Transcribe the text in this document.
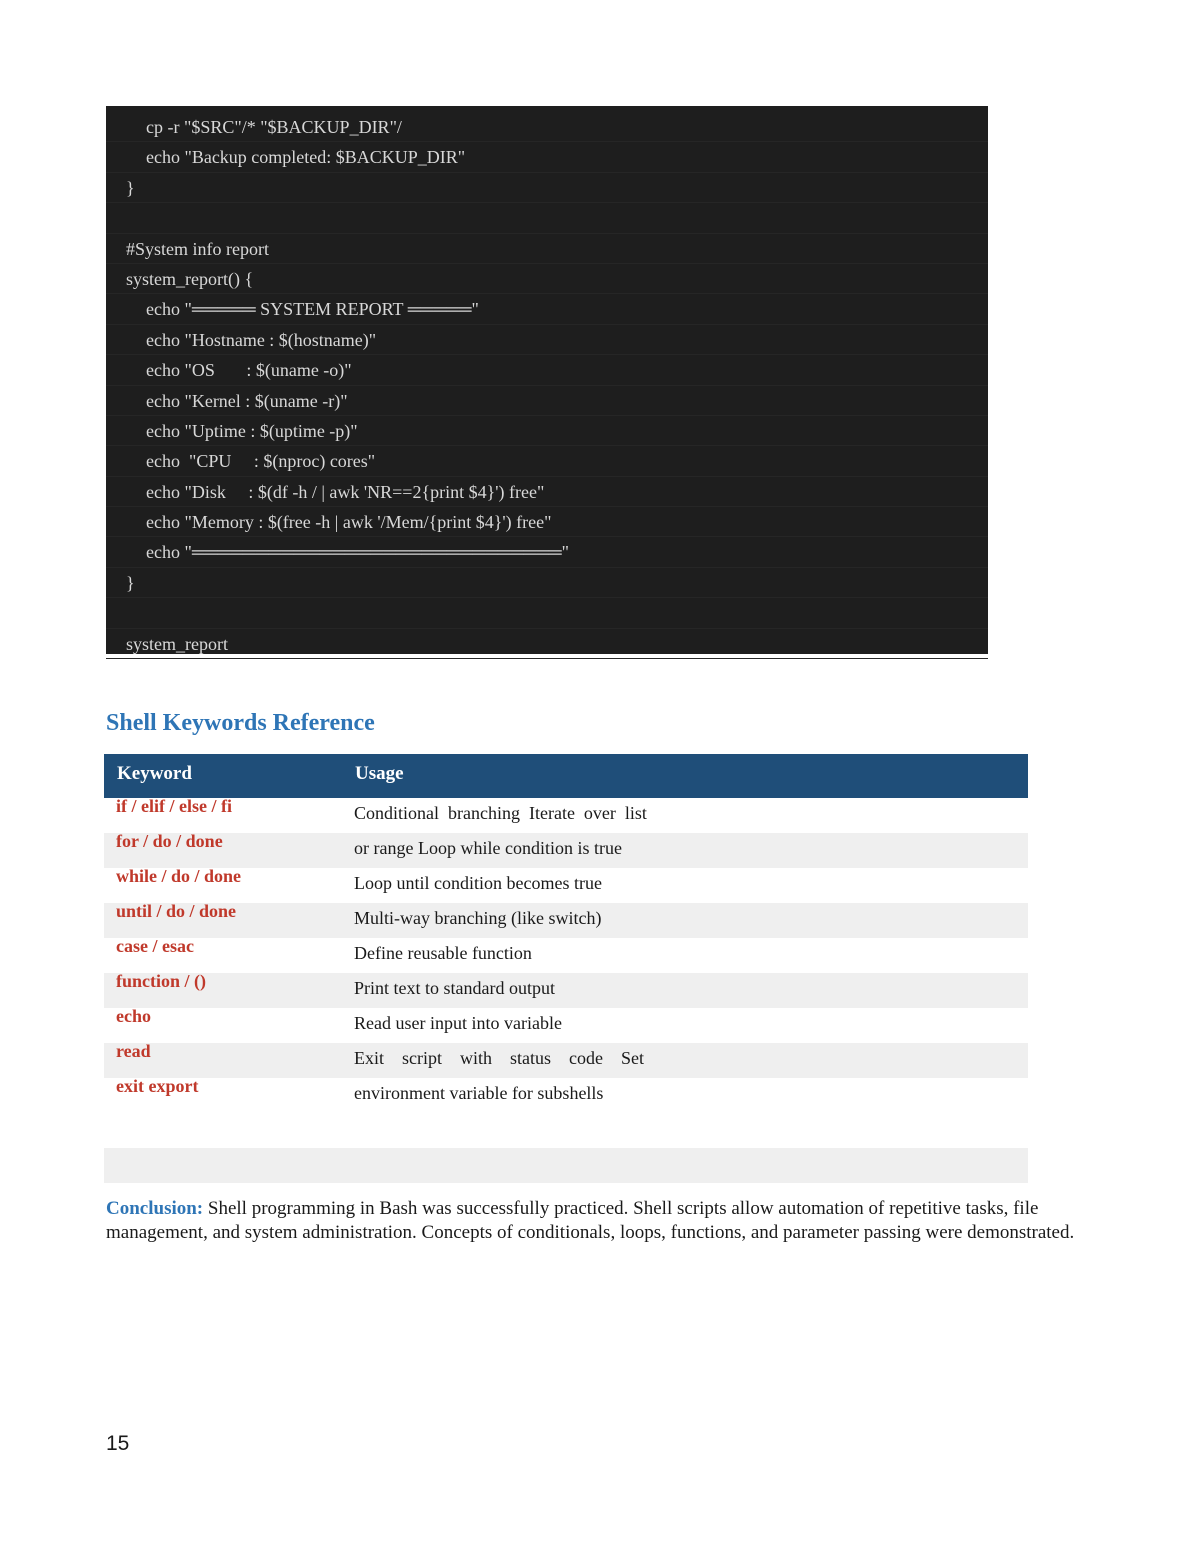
cp -r "$SRC"/* "$BACKUP_DIR"/
echo "Backup completed: $BACKUP_DIR"
}
#System info report
system_report() {
echo "═════ SYSTEM REPORT ═════"
echo "Hostname : $(hostname)"
echo "OS       : $(uname -o)"
echo "Kernel : $(uname -r)"
echo "Uptime : $(uptime -p)"
echo  "CPU     : $(nproc) cores"
echo "Disk     : $(df -h / | awk 'NR==2{print $4}') free"
echo "Memory : $(free -h | awk '/Mem/{print $4}') free"
echo "═════════════════════════════"
}
system_report
Shell Keywords Reference
Keyword	Usage
if / elif / else / fi	Conditional  branching  Iterate  over  list
for / do / done	or range Loop while condition is true
while / do / done	Loop until condition becomes true
until / do / done	Multi-way branching (like switch)
case / esac	Define reusable function
function / ()	Print text to standard output
echo	Read user input into variable
read	Exit    script    with    status    code    Set
exit export	environment variable for subshells

Conclusion: Shell programming in Bash was successfully practiced. Shell scripts allow automation of repetitive tasks, file management, and system administration. Concepts of conditionals, loops, functions, and parameter passing were demonstrated.

15
